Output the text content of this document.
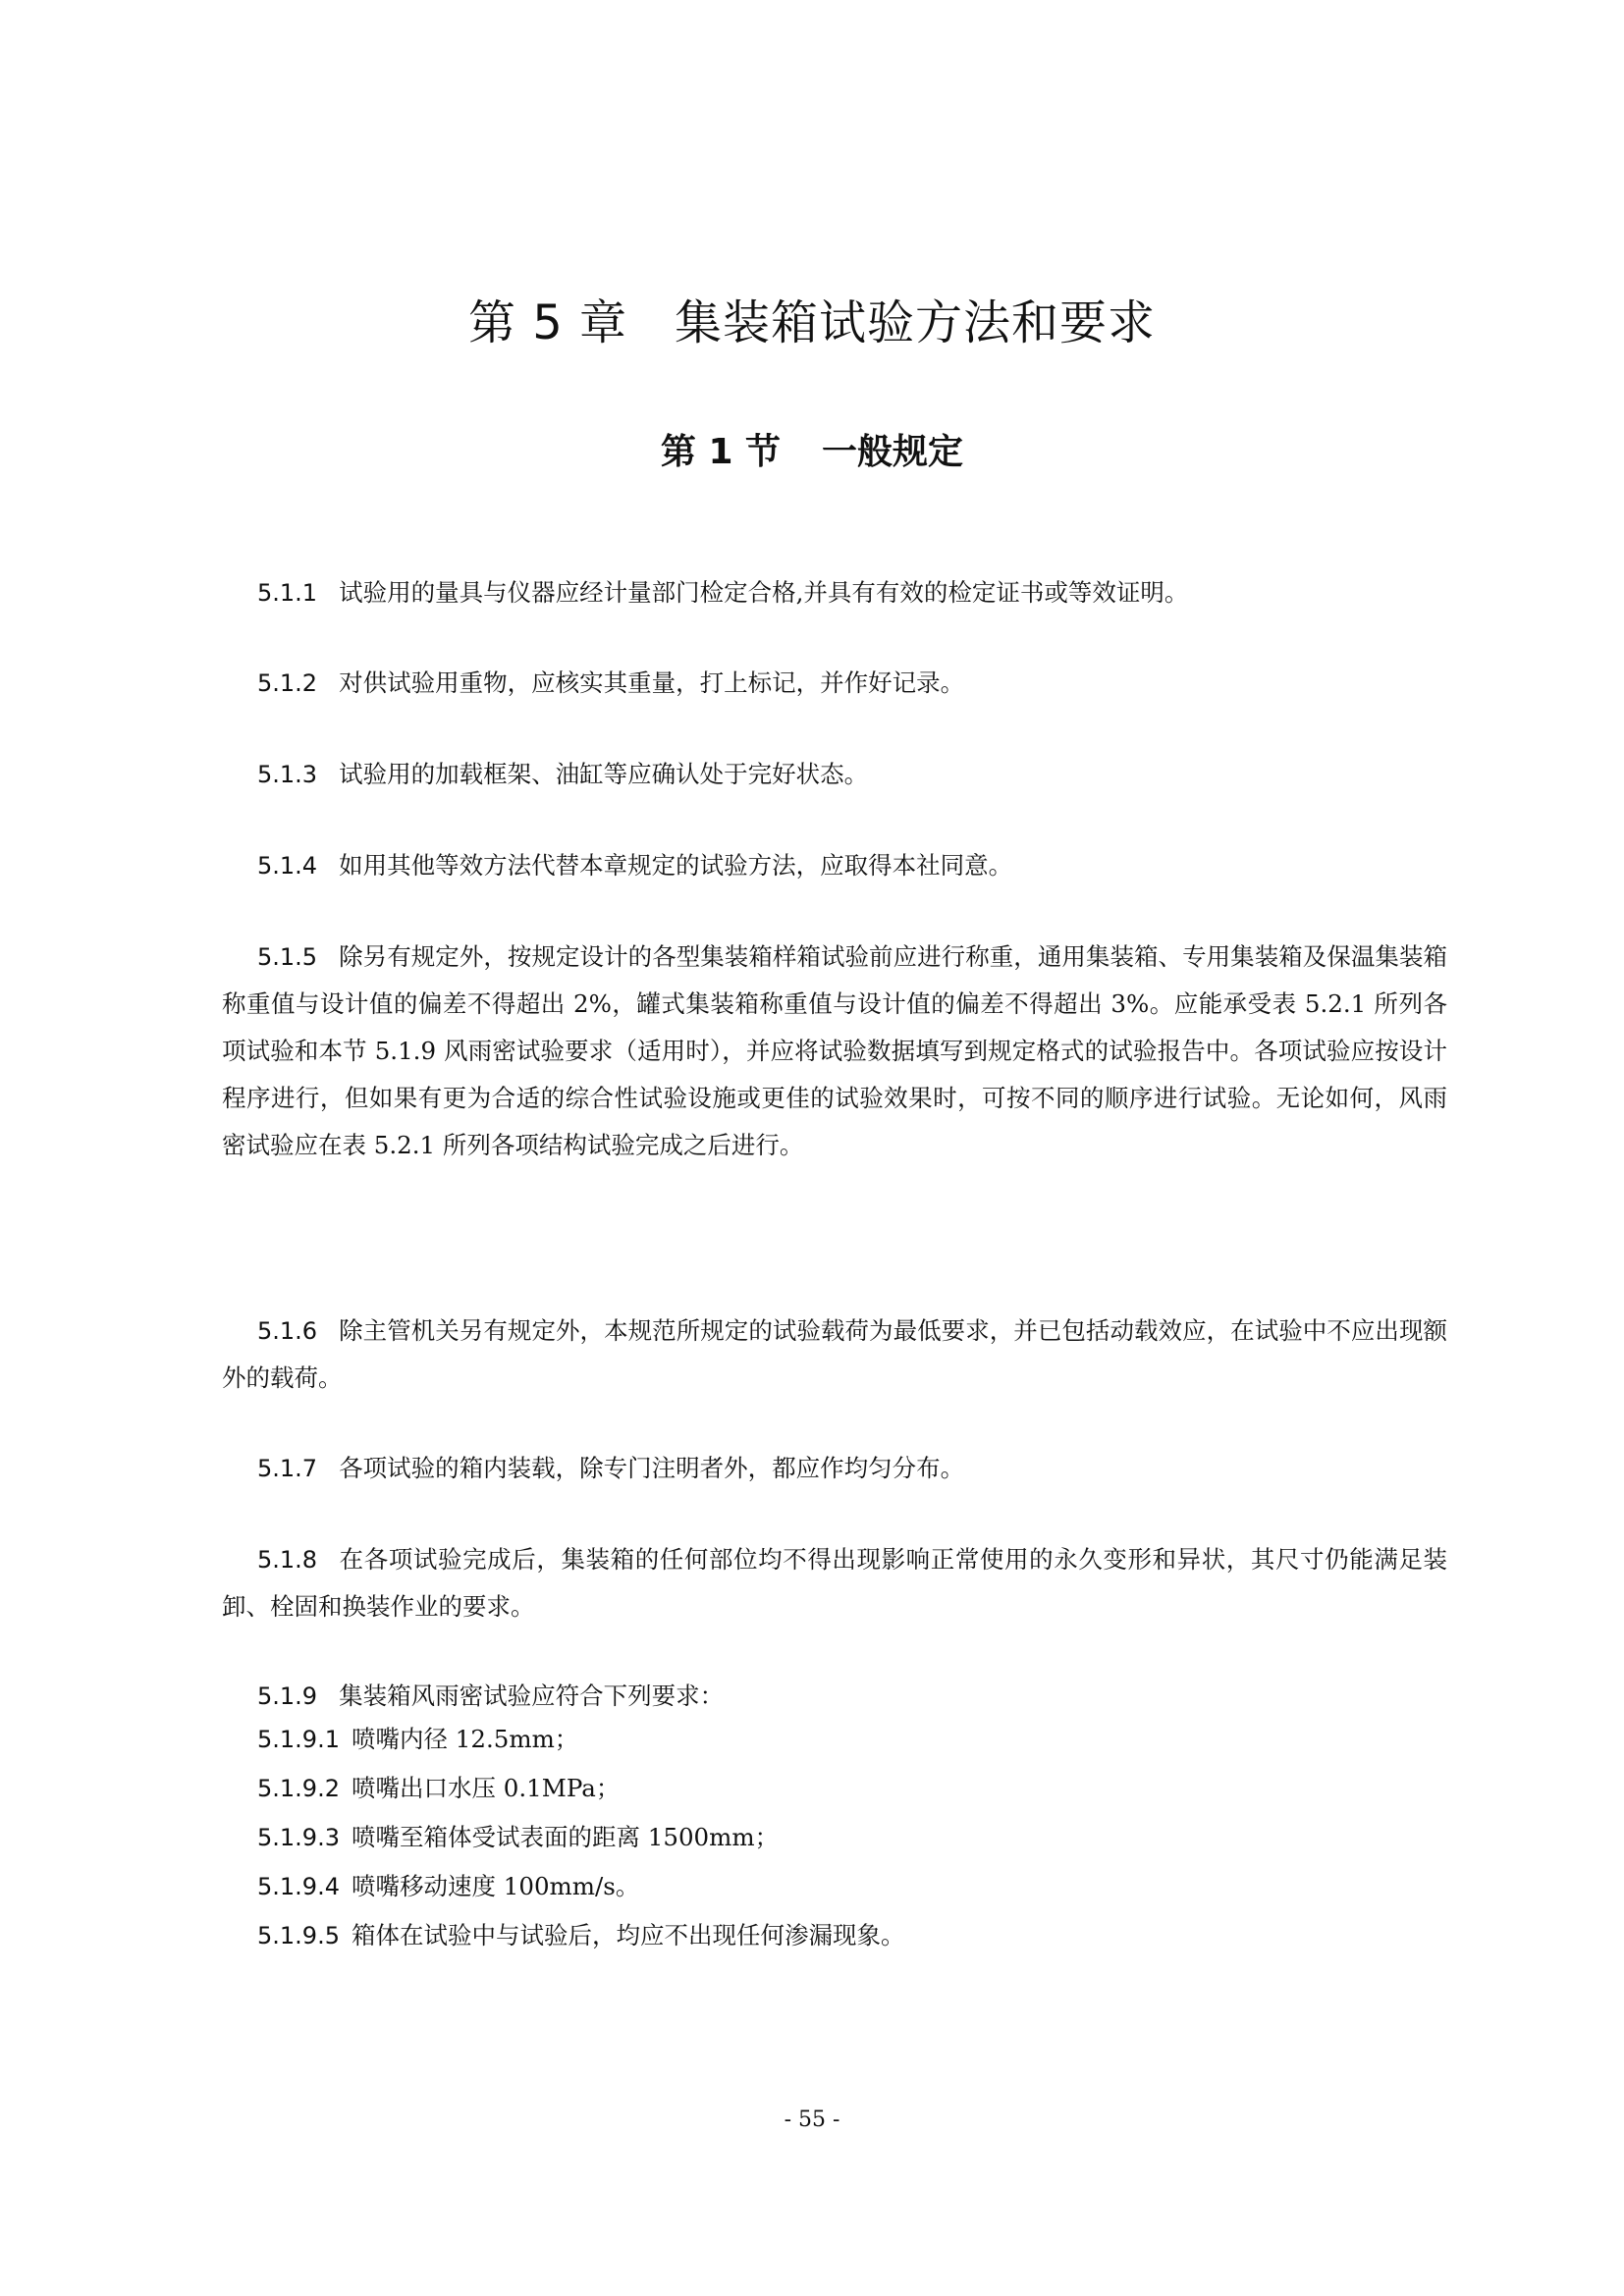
第 5 章 集装箱试验方法和要求
第 1 节 一般规定
5.1.1 试验用的量具与仪器应经计量部门检定合格,并具有有效的检定证书或等效证明。
5.1.2 对供试验用重物，应核实其重量，打上标记，并作好记录。
5.1.3 试验用的加载框架、油缸等应确认处于完好状态。
5.1.4 如用其他等效方法代替本章规定的试验方法，应取得本社同意。
5.1.5 除另有规定外，按规定设计的各型集装箱样箱试验前应进行称重，通用集装箱、专用集装箱及保温集装箱称重值与设计值的偏差不得超出 2%，罐式集装箱称重值与设计值的偏差不得超出 3%。应能承受表 5.2.1 所列各项试验和本节 5.1.9 风雨密试验要求（适用时），并应将试验数据填写到规定格式的试验报告中。各项试验应按设计程序进行，但如果有更为合适的综合性试验设施或更佳的试验效果时，可按不同的顺序进行试验。无论如何，风雨密试验应在表 5.2.1 所列各项结构试验完成之后进行。
5.1.6 除主管机关另有规定外，本规范所规定的试验载荷为最低要求，并已包括动载效应，在试验中不应出现额外的载荷。
5.1.7 各项试验的箱内装载，除专门注明者外，都应作均匀分布。
5.1.8 在各项试验完成后，集装箱的任何部位均不得出现影响正常使用的永久变形和异状，其尺寸仍能满足装卸、栓固和换装作业的要求。
5.1.9 集装箱风雨密试验应符合下列要求：
5.1.9.1 喷嘴内径 12.5mm；
5.1.9.2 喷嘴出口水压 0.1MPa；
5.1.9.3 喷嘴至箱体受试表面的距离 1500mm；
5.1.9.4 喷嘴移动速度 100mm/s。
5.1.9.5 箱体在试验中与试验后，均应不出现任何渗漏现象。
- 55 -
